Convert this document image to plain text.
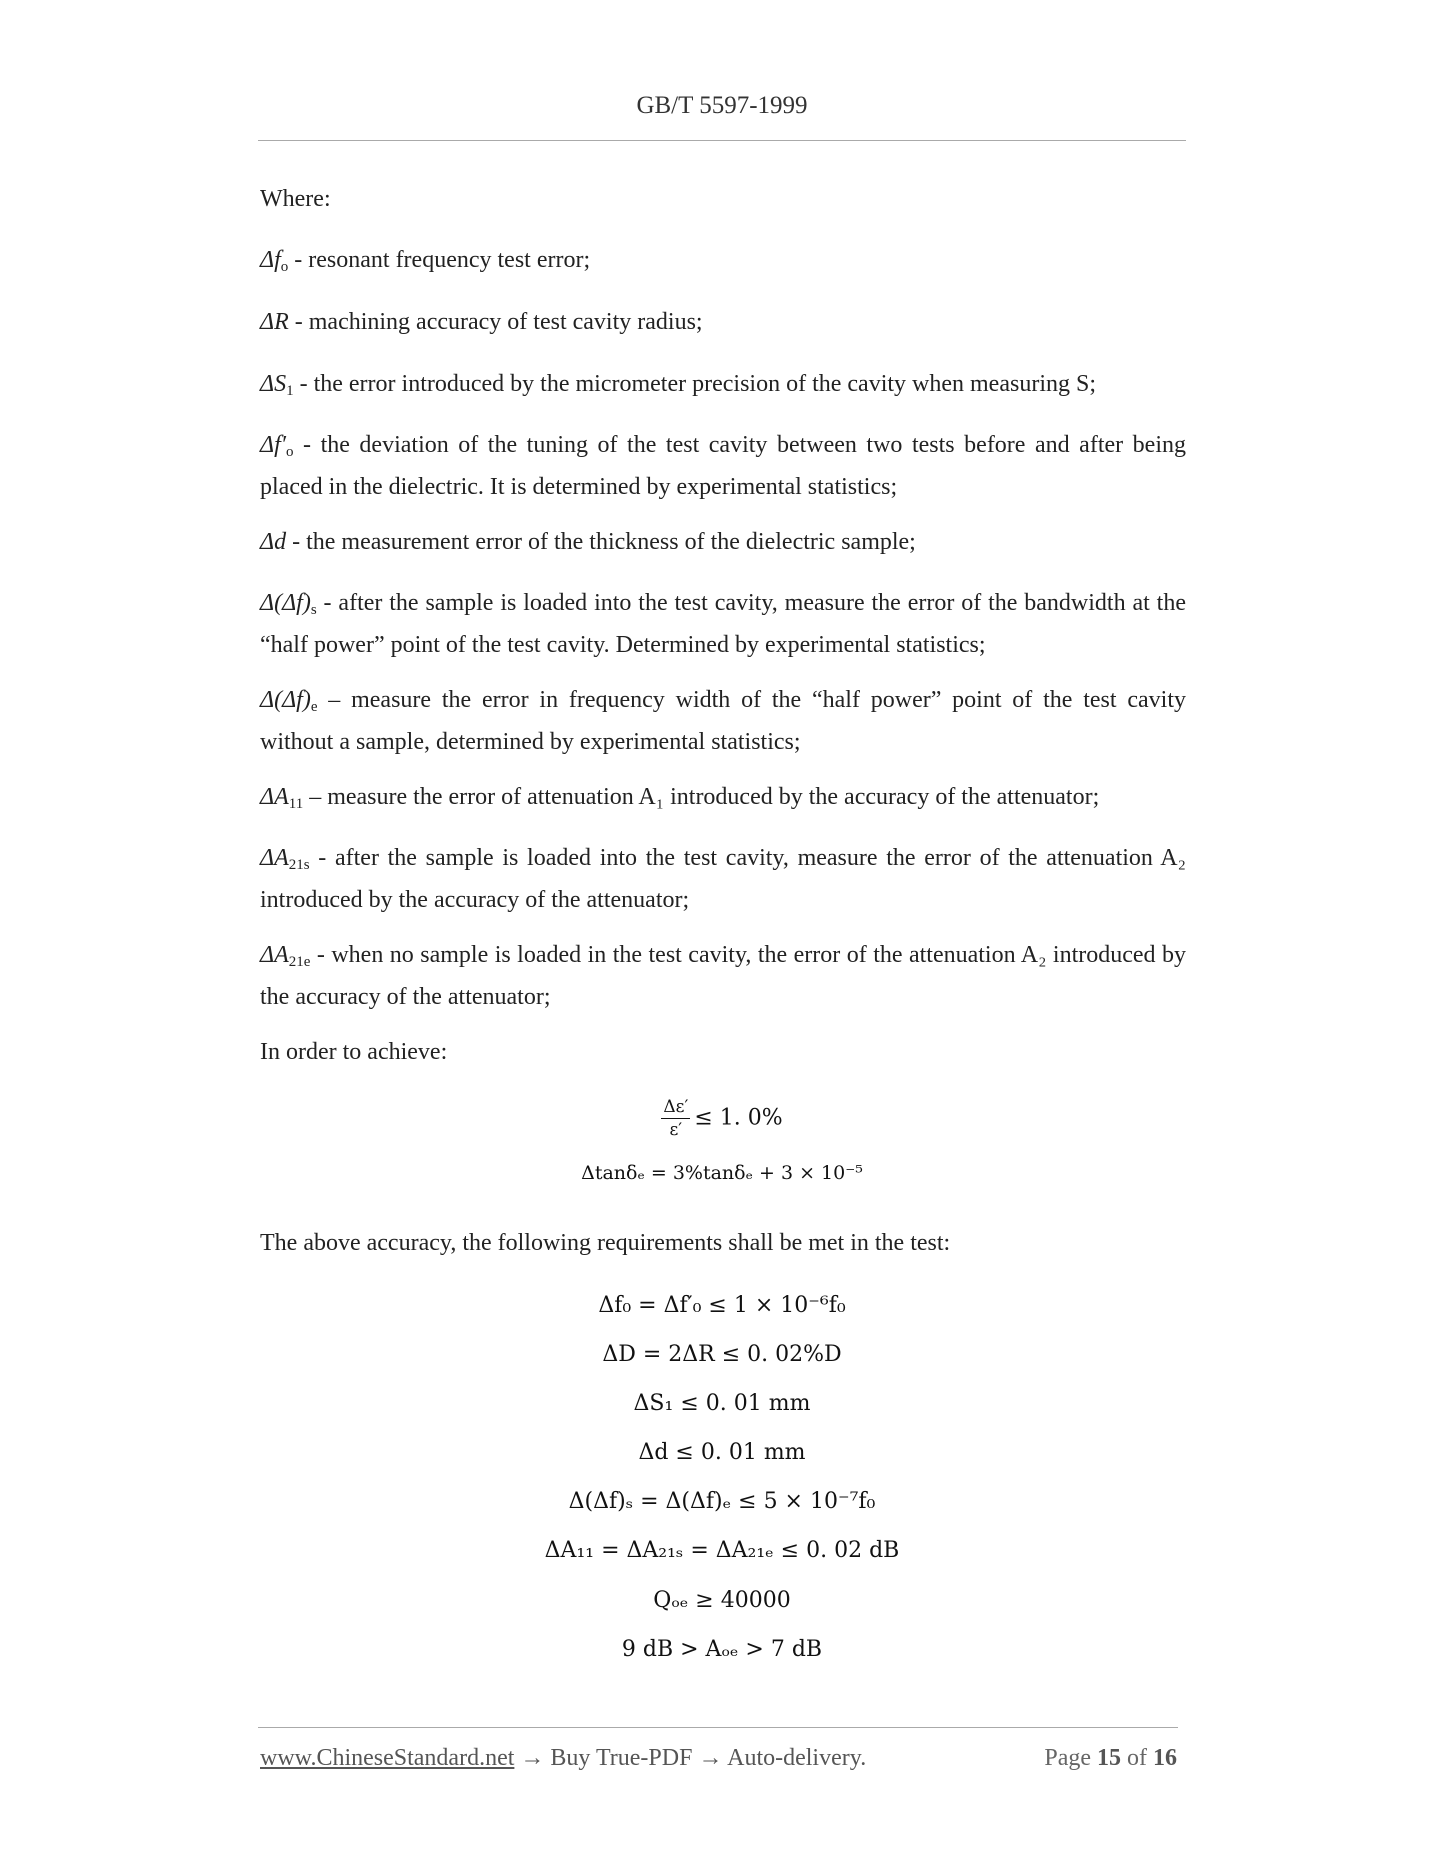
GB/T 5597-1999
Where:
$\Delta f_o$ - resonant frequency test error;
ΔR - machining accuracy of test cavity radius;
$\Delta S_1$ - the error introduced by the micrometer precision of the cavity when measuring S;
$\Delta f'_o$ - the deviation of the tuning of the test cavity between two tests before and after being placed in the dielectric. It is determined by experimental statistics;
Δd - the measurement error of the thickness of the dielectric sample;
$\Delta(\Delta f)_s$ - after the sample is loaded into the test cavity, measure the error of the bandwidth at the “half power” point of the test cavity. Determined by experimental statistics;
$\Delta(\Delta f)_e$ – measure the error in frequency width of the “half power” point of the test cavity without a sample, determined by experimental statistics;
$\Delta A_{11}$ – measure the error of attenuation A₁ introduced by the accuracy of the attenuator;
$\Delta A_{21s}$ - after the sample is loaded into the test cavity, measure the error of the attenuation A₂ introduced by the accuracy of the attenuator;
$\Delta A_{21e}$ - when no sample is loaded in the test cavity, the error of the attenuation A₂ introduced by the accuracy of the attenuator;
In order to achieve:
$\frac{\Delta\varepsilon'}{\varepsilon'} \le 1$. 0%
Δtanδₑ = 3%tanδₑ + 3 × 10⁻⁵
The above accuracy, the following requirements shall be met in the test:
Δf₀ = Δf′₀ ≤ 1 × 10⁻⁶f₀
ΔD = 2ΔR ≤ 0. 02%D
ΔS₁ ≤ 0. 01 mm
Δd ≤ 0. 01 mm
Δ(Δf)ₛ = Δ(Δf)ₑ ≤ 5 × 10⁻⁷f₀
ΔA₁₁ = ΔA₂₁ₛ = ΔA₂₁ₑ ≤ 0. 02 dB
Qₒₑ ≥ 40000
9 dB > Aₒₑ > 7 dB
www.ChineseStandard.net → Buy True-PDF → Auto-delivery.	Page 15 of 16
